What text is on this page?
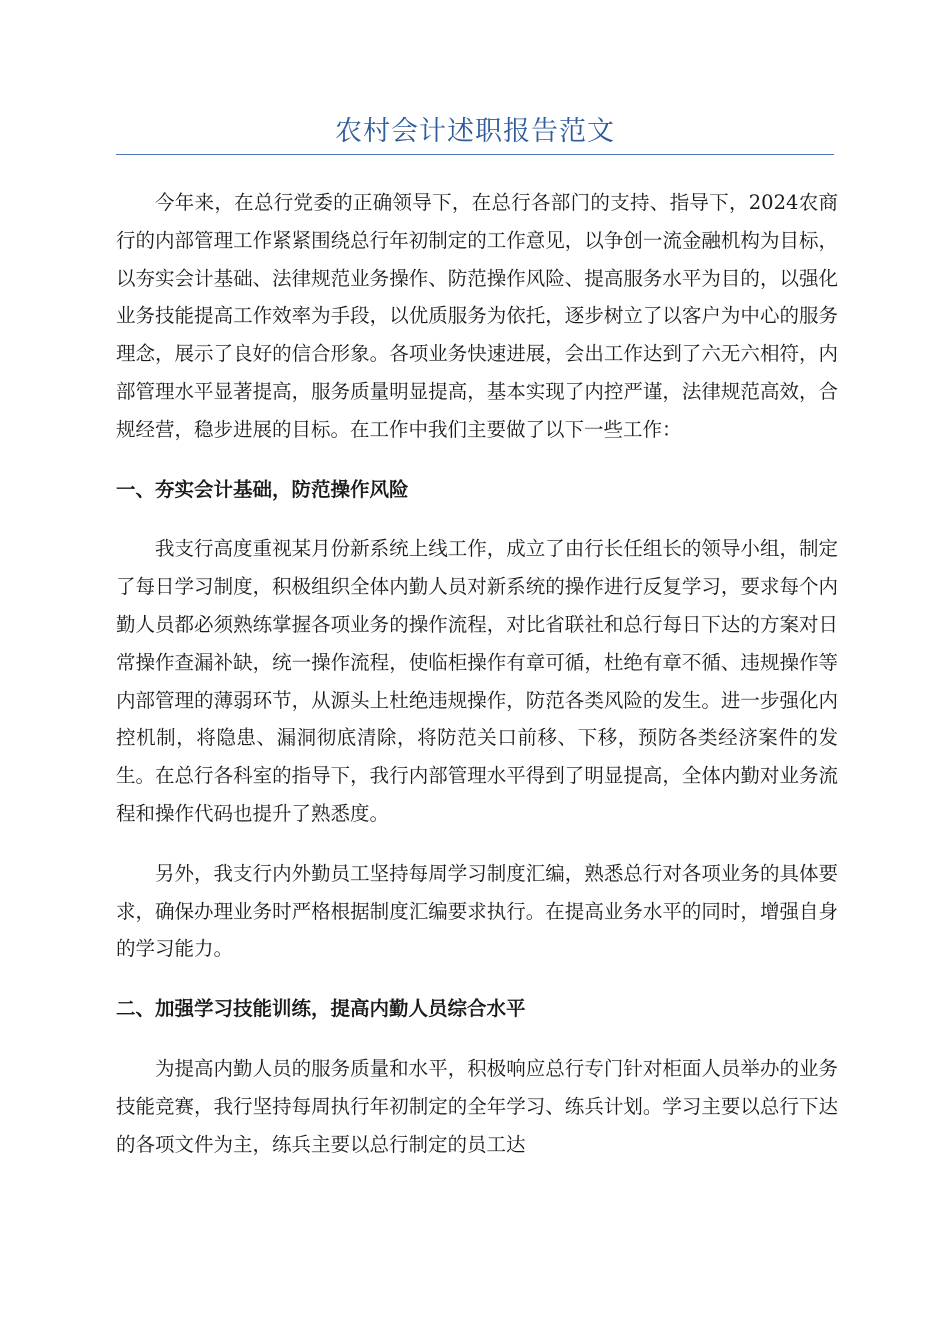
农村会计述职报告范文

今年来，在总行党委的正确领导下，在总行各部门的支持、指导下，2024农商行的内部管理工作紧紧围绕总行年初制定的工作意见，以争创一流金融机构为目标，以夯实会计基础、法律规范业务操作、防范操作风险、提高服务水平为目的，以强化业务技能提高工作效率为手段，以优质服务为依托，逐步树立了以客户为中心的服务理念，展示了良好的信合形象。各项业务快速进展，会出工作达到了六无六相符，内部管理水平显著提高，服务质量明显提高，基本实现了内控严谨，法律规范高效，合规经营，稳步进展的目标。在工作中我们主要做了以下一些工作：

一、夯实会计基础，防范操作风险

我支行高度重视某月份新系统上线工作，成立了由行长任组长的领导小组，制定了每日学习制度，积极组织全体内勤人员对新系统的操作进行反复学习，要求每个内勤人员都必须熟练掌握各项业务的操作流程，对比省联社和总行每日下达的方案对日常操作查漏补缺，统一操作流程，使临柜操作有章可循，杜绝有章不循、违规操作等内部管理的薄弱环节，从源头上杜绝违规操作，防范各类风险的发生。进一步强化内控机制，将隐患、漏洞彻底清除，将防范关口前移、下移，预防各类经济案件的发生。在总行各科室的指导下，我行内部管理水平得到了明显提高，全体内勤对业务流程和操作代码也提升了熟悉度。

另外，我支行内外勤员工坚持每周学习制度汇编，熟悉总行对各项业务的具体要求，确保办理业务时严格根据制度汇编要求执行。在提高业务水平的同时，增强自身的学习能力。

二、加强学习技能训练，提高内勤人员综合水平

为提高内勤人员的服务质量和水平，积极响应总行专门针对柜面人员举办的业务技能竞赛，我行坚持每周执行年初制定的全年学习、练兵计划。学习主要以总行下达的各项文件为主，练兵主要以总行制定的员工达
